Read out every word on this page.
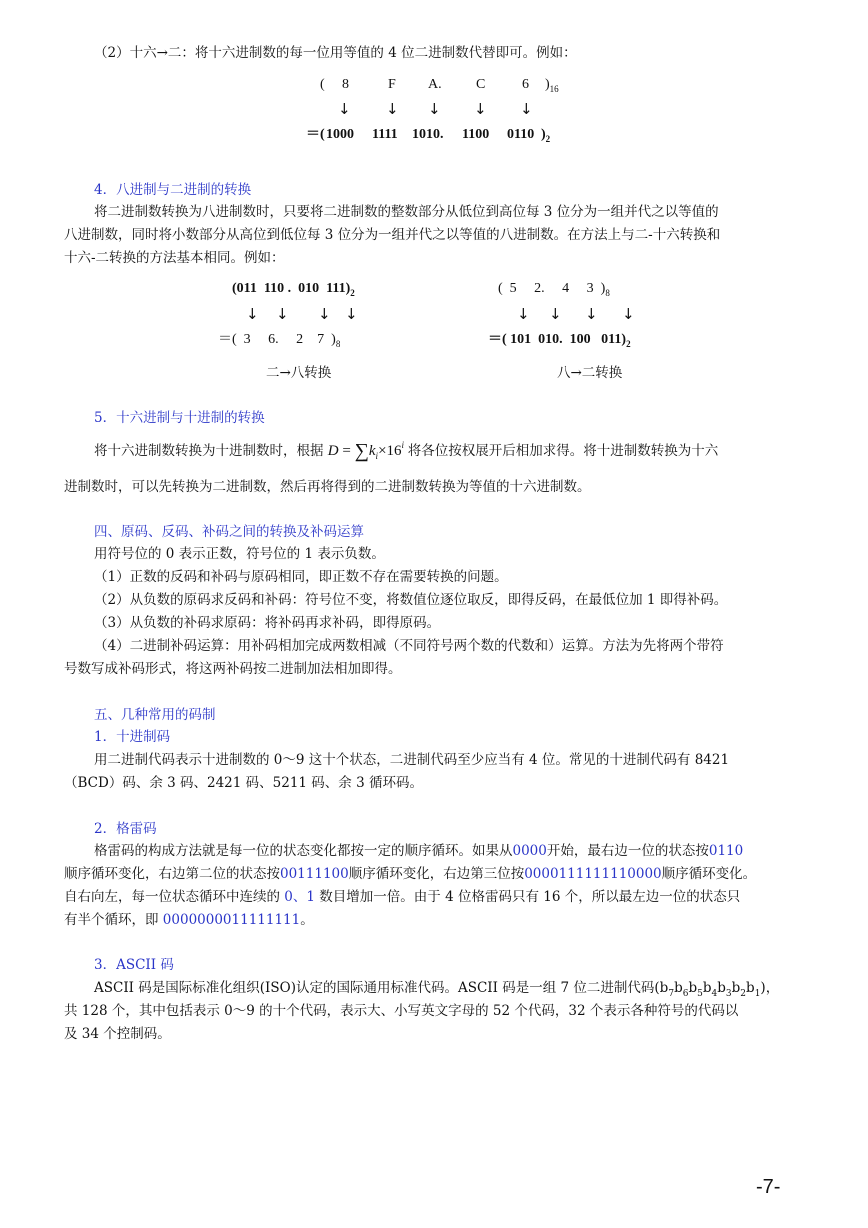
（2）十六→二：将十六进制数的每一位用等值的 4 位二进制数代替即可。例如：
( 8	F A. C	6 )$_{16}$
↓ ↓ ↓ ↓ ↓
＝( 1000 1111 1010. 1100 0110 )$_2$
4．八进制与二进制的转换
将二进制数转换为八进制数时，只要将二进制数的整数部分从低位到高位每 3 位分为一组并代之以等值的
八进制数，同时将小数部分从高位到低位每 3 位分为一组并代之以等值的八进制数。在方法上与二-十六转换和
十六-二转换的方法基本相同。例如：
(011  110 .  010  $111)_2$
↓ ↓ ↓ ↓
＝(  3     6.     2    7  )$_8$
二→八转换
(  5     2.     4     3  )$_8$
↓ ↓ ↓ ↓
＝( 101  010.  100   $011)_2$
八→二转换
5．十六进制与十进制的转换
将十六进制数转换为十进制数时，根据 $D = \sum k_i\times 16^i$ 将各位按权展开后相加求得。将十进制数转换为十六
进制数时，可以先转换为二进制数，然后再将得到的二进制数转换为等值的十六进制数。
四、原码、反码、补码之间的转换及补码运算
用符号位的 0 表示正数，符号位的 1 表示负数。
（1）正数的反码和补码与原码相同，即正数不存在需要转换的问题。
（2）从负数的原码求反码和补码：符号位不变，将数值位逐位取反，即得反码，在最低位加 1 即得补码。
（3）从负数的补码求原码：将补码再求补码，即得原码。
（4）二进制补码运算：用补码相加完成两数相减（不同符号两个数的代数和）运算。方法为先将两个带符
号数写成补码形式，将这两补码按二进制加法相加即得。
五、几种常用的码制
1．十进制码
用二进制代码表示十进制数的 0～9 这十个状态，二进制代码至少应当有 4 位。常见的十进制代码有 8421
（BCD）码、余 3 码、2421 码、5211 码、余 3 循环码。
2．格雷码
格雷码的构成方法就是每一位的状态变化都按一定的顺序循环。如果从0000开始，最右边一位的状态按0110
顺序循环变化，右边第二位的状态按00111100顺序循环变化，右边第三位按0000111111110000顺序循环变化。
自右向左，每一位状态循环中连续的 0、1 数目增加一倍。由于 4 位格雷码只有 16 个，所以最左边一位的状态只
有半个循环，即 0000000011111111。
3．ASCII 码
ASCII 码是国际标准化组织(ISO)认定的国际通用标准代码。ASCII 码是一组 7 位二进制代码$(b_7b_6b_5b_4b_3b_2b_1)$，
共 128 个，其中包括表示 0～9 的十个代码，表示大、小写英文字母的 52 个代码，32 个表示各种符号的代码以
及 34 个控制码。
-7-
